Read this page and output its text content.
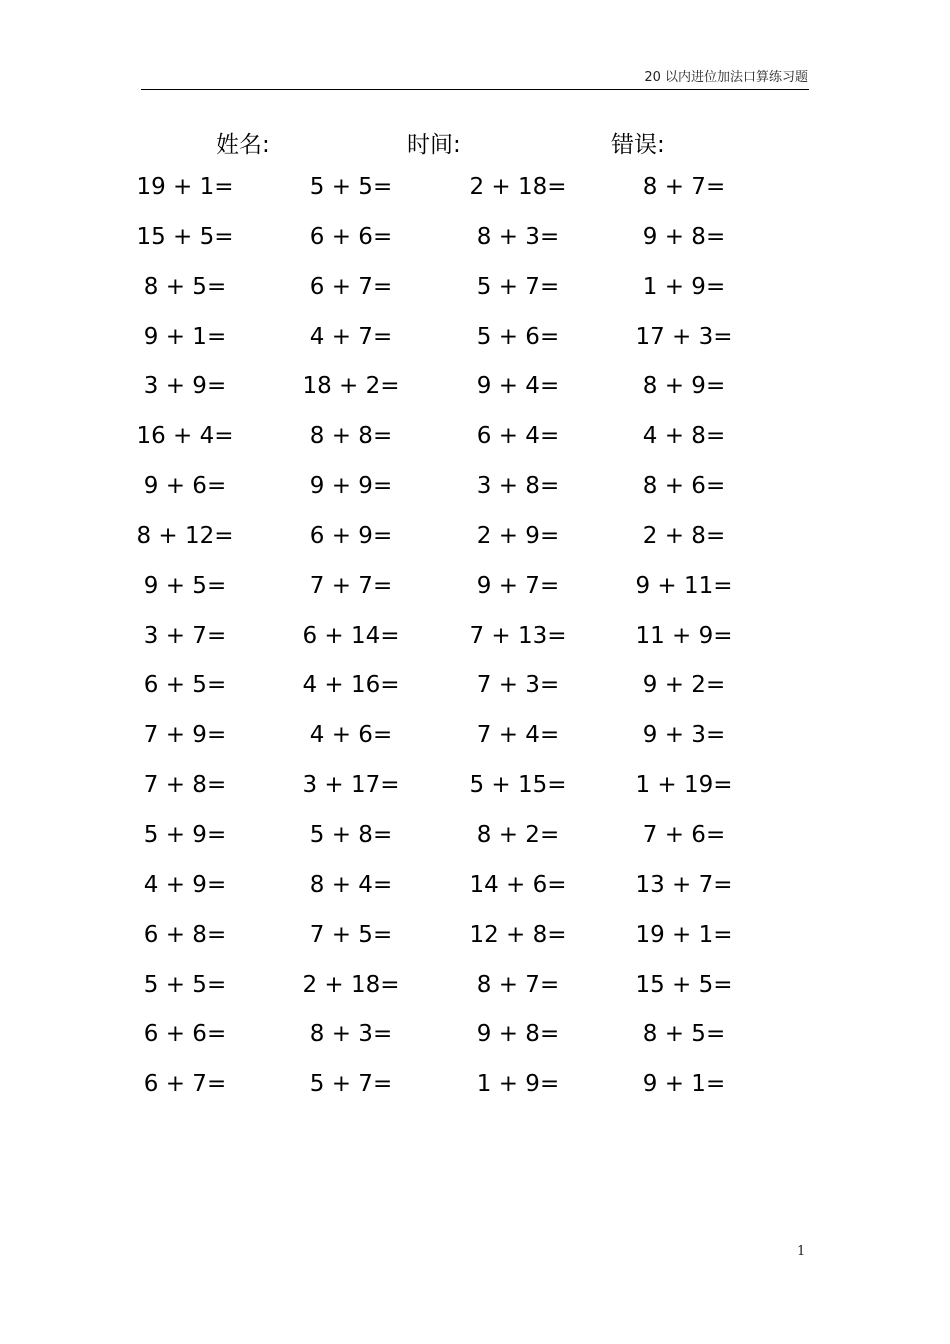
20 以内进位加法口算练习题
姓名:	时间:	错误:
19 + 1=	5 + 5=	2 + 18=	8 + 7=
15 + 5=	6 + 6=	8 + 3=	9 + 8=
8 + 5=	6 + 7=	5 + 7=	1 + 9=
9 + 1=	4 + 7=	5 + 6=	17 + 3=
3 + 9=	18 + 2=	9 + 4=	8 + 9=
16 + 4=	8 + 8=	6 + 4=	4 + 8=
9 + 6=	9 + 9=	3 + 8=	8 + 6=
8 + 12=	6 + 9=	2 + 9=	2 + 8=
9 + 5=	7 + 7=	9 + 7=	9 + 11=
3 + 7=	6 + 14=	7 + 13=	11 + 9=
6 + 5=	4 + 16=	7 + 3=	9 + 2=
7 + 9=	4 + 6=	7 + 4=	9 + 3=
7 + 8=	3 + 17=	5 + 15=	1 + 19=
5 + 9=	5 + 8=	8 + 2=	7 + 6=
4 + 9=	8 + 4=	14 + 6=	13 + 7=
6 + 8=	7 + 5=	12 + 8=	19 + 1=
5 + 5=	2 + 18=	8 + 7=	15 + 5=
6 + 6=	8 + 3=	9 + 8=	8 + 5=
6 + 7=	5 + 7=	1 + 9=	9 + 1=
1
